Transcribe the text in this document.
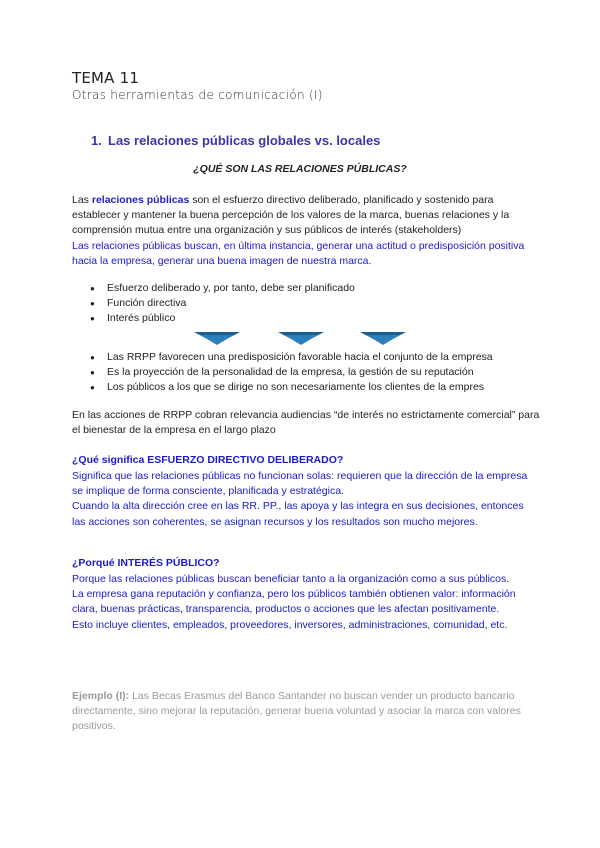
TEMA 11
Otras herramientas de comunicación (I)
1. Las relaciones públicas globales vs. locales
¿QUÉ SON LAS RELACIONES PÚBLICAS?

Las relaciones públicas son el esfuerzo directivo deliberado, planificado y sostenido para establecer y mantener la buena percepción de los valores de la marca, buenas relaciones y la comprensión mutua entre una organización y sus públicos de interés (stakeholders)

Las relaciones públicas buscan, en última instancia, generar una actitud o predisposición positiva hacia la empresa, generar una buena imagen de nuestra marca.

● Esfuerzo deliberado y, por tanto, debe ser planificado
● Función directiva
● Interés público
● Las RRPP favorecen una predisposición favorable hacia el conjunto de la empresa
● Es la proyección de la personalidad de la empresa, la gestión de su reputación
● Los públicos a los que se dirige no son necesariamente los clientes de la empres
En las acciones de RRPP cobran relevancia audiencias “de interés no estrictamente comercial” para el bienestar de la empresa en el largo plazo
¿Qué significa ESFUERZO DIRECTIVO DELIBERADO?

Significa que las relaciones públicas no funcionan solas: requieren que la dirección de la empresa se implique de forma consciente, planificada y estratégica.

Cuando la alta dirección cree en las RR. PP., las apoya y las integra en sus decisiones, entonces las acciones son coherentes, se asignan recursos y los resultados son mucho mejores.

¿Porqué INTERÉS PÚBLICO?

Porque las relaciones públicas buscan beneficiar tanto a la organización como a sus públicos.

La empresa gana reputación y confianza, pero los públicos también obtienen valor: información clara, buenas prácticas, transparencia, productos o acciones que les afectan positivamente.

Esto incluye clientes, empleados, proveedores, inversores, administraciones, comunidad, etc.

Ejemplo (I): Las Becas Erasmus del Banco Santander no buscan vender un producto bancario directamente, sino mejorar la reputación, generar buena voluntad y asociar la marca con valores positivos.
